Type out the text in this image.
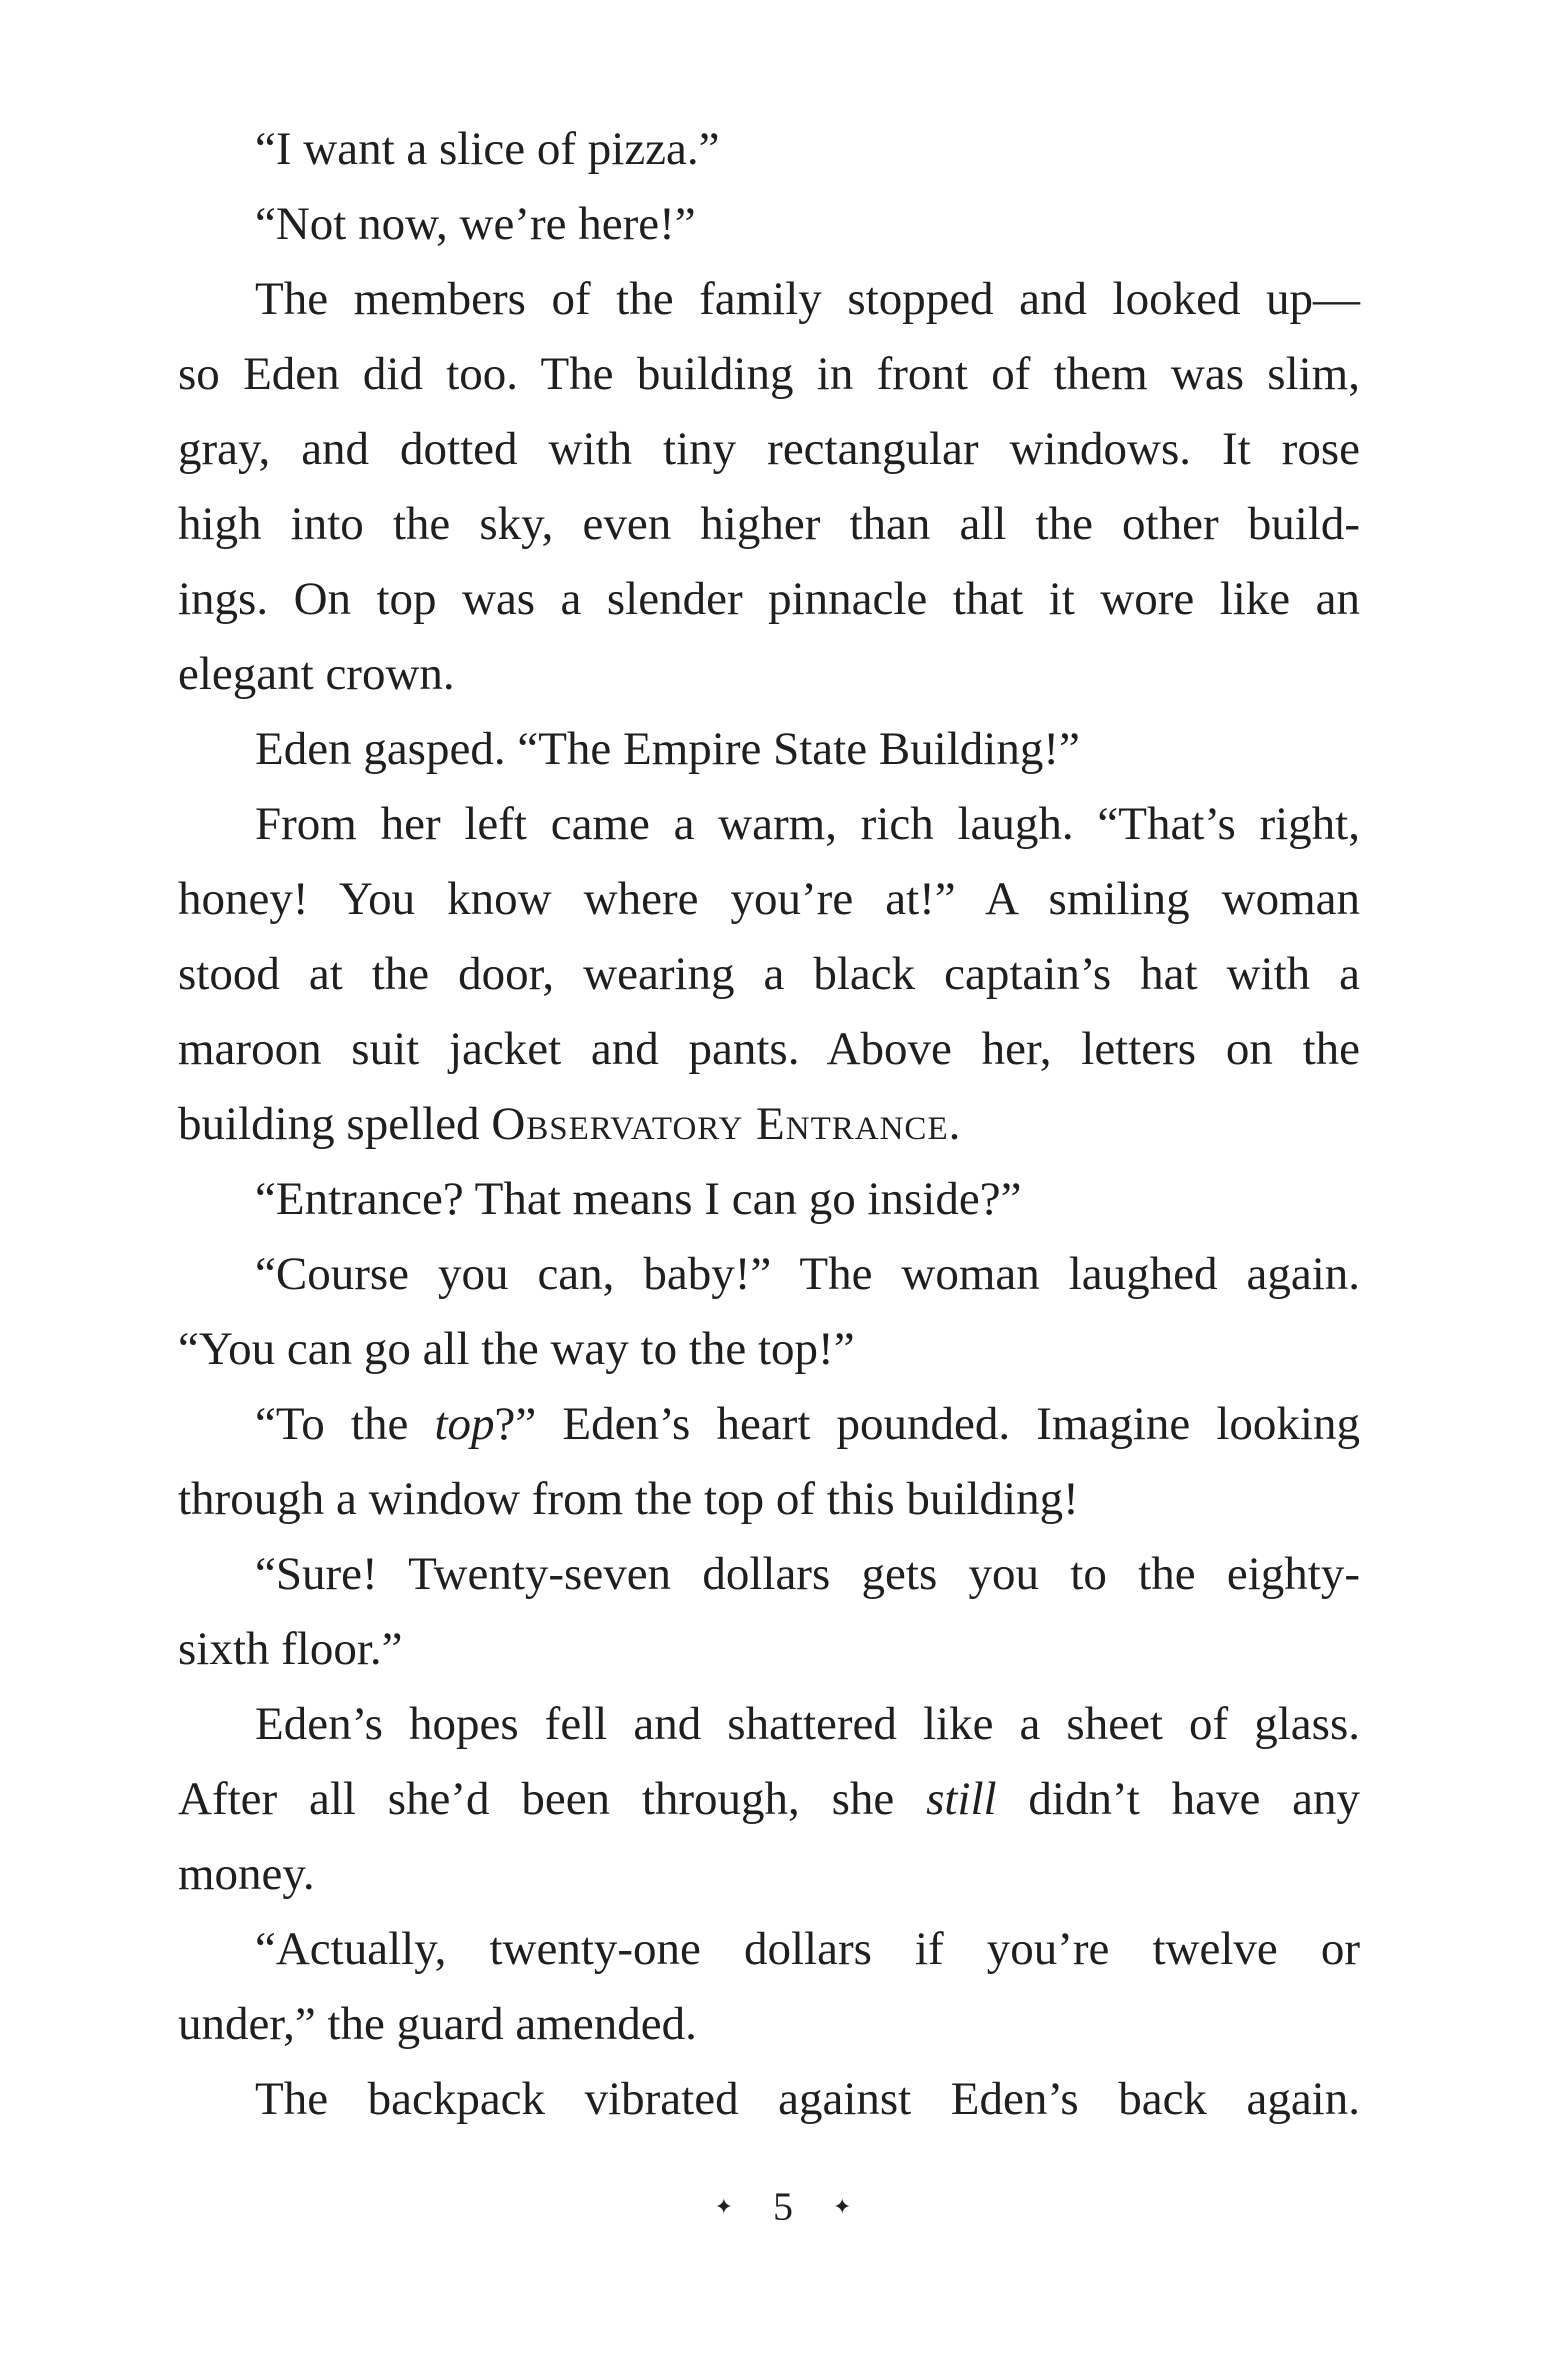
“I want a slice of pizza.”
“Not now, we’re here!”
The members of the family stopped and looked up—
so Eden did too. The building in front of them was slim,
gray, and dotted with tiny rectangular windows. It rose
high into the sky, even higher than all the other build-
ings. On top was a slender pinnacle that it wore like an
elegant crown.
Eden gasped. “The Empire State Building!”
From her left came a warm, rich laugh. “That’s right,
honey! You know where you’re at!” A smiling woman
stood at the door, wearing a black captain’s hat with a
maroon suit jacket and pants. Above her, letters on the
building spelled Observatory Entrance.
“Entrance? That means I can go inside?”
“Course you can, baby!” The woman laughed again.
“You can go all the way to the top!”
“To the top?” Eden’s heart pounded. Imagine looking
through a window from the top of this building!
“Sure! Twenty-seven dollars gets you to the eighty-
sixth floor.”
Eden’s hopes fell and shattered like a sheet of glass.
After all she’d been through, she still didn’t have any
money.
“Actually, twenty-one dollars if you’re twelve or
under,” the guard amended.
The backpack vibrated against Eden’s back again.
✦ 5 ✦
